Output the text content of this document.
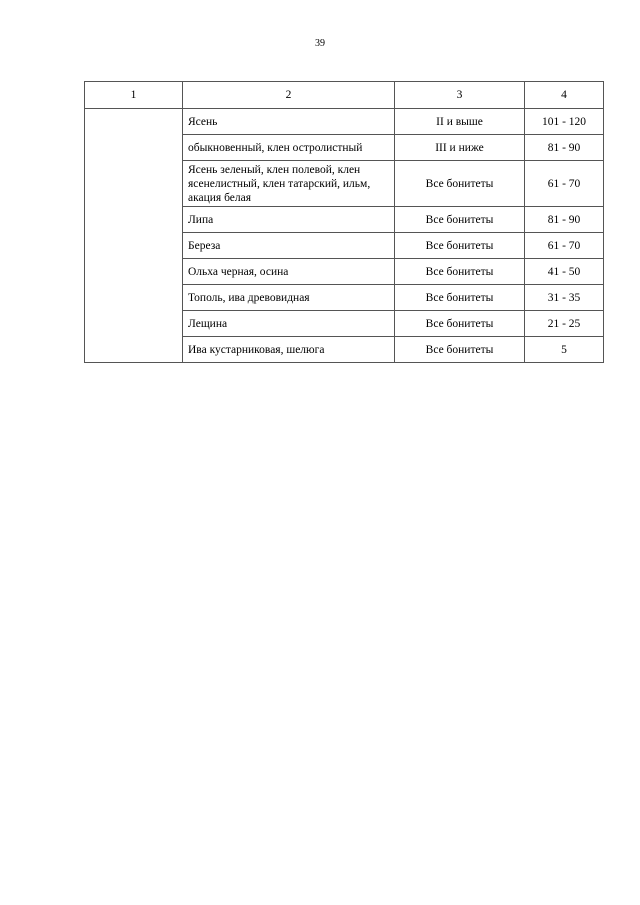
39
1	2	3	4
	Ясень	II и выше	101 - 120
	обыкновенный, клен остролистный	III и ниже	81 - 90
	Ясень зеленый, клен полевой, клен
ясенелистный, клен татарский, ильм,
акация белая	Все бонитеты	61 - 70
	Липа	Все бонитеты	81 - 90
	Береза	Все бонитеты	61 - 70
	Ольха черная, осина	Все бонитеты	41 - 50
	Тополь, ива древовидная	Все бонитеты	31 - 35
	Лещина	Все бонитеты	21 - 25
	Ива кустарниковая, шелюга	Все бонитеты	5
